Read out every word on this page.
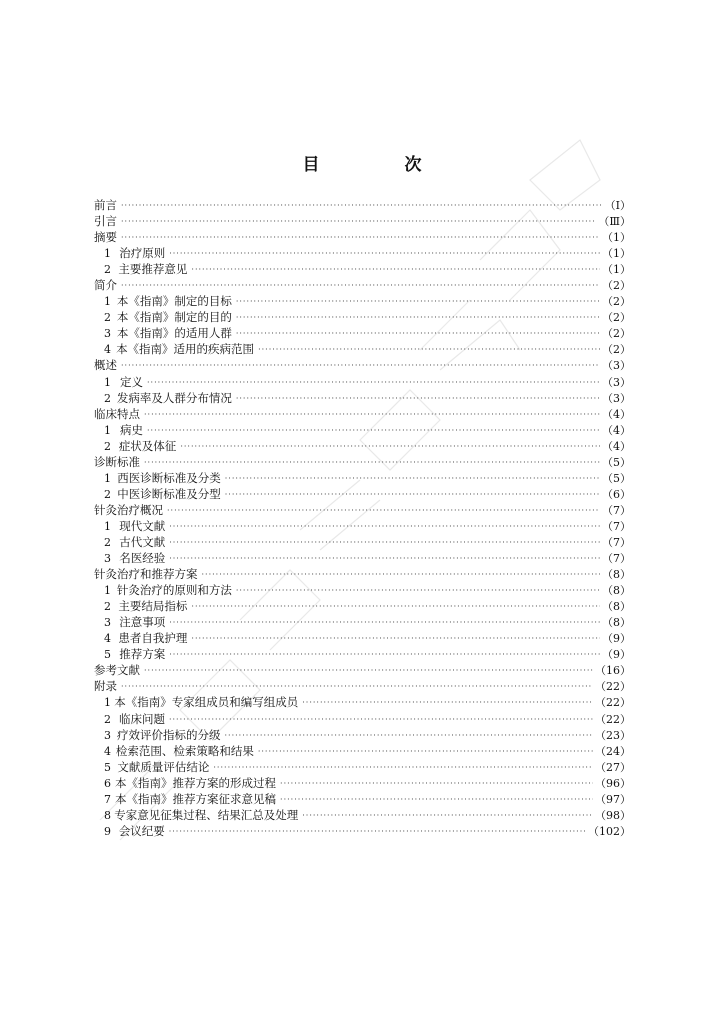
目　次
前言 ·····	（Ⅰ）
引言 ·····	（Ⅲ）
摘要 ·····	（1）
1 治疗原则 ·····	（1）
2 主要推荐意见 ·····	（1）
简介 ·····	（2）
1 本《指南》制定的目标 ·····	（2）
2 本《指南》制定的目的 ·····	（2）
3 本《指南》的适用人群 ·····	（2）
4 本《指南》适用的疾病范围 ·····	（2）
概述 ·····	（3）
1 定义 ·····	（3）
2 发病率及人群分布情况 ·····	（3）
临床特点 ·····	（4）
1 病史 ·····	（4）
2 症状及体征 ·····	（4）
诊断标准 ·····	（5）
1 西医诊断标准及分类 ·····	（5）
2 中医诊断标准及分型 ·····	（6）
针灸治疗概况 ·····	（7）
1 现代文献 ·····	（7）
2 古代文献 ·····	（7）
3 名医经验 ·····	（7）
针灸治疗和推荐方案 ·····	（8）
1 针灸治疗的原则和方法 ·····	（8）
2 主要结局指标 ·····	（8）
3 注意事项 ·····	（8）
4 患者自我护理 ·····	（9）
5 推荐方案 ·····	（9）
参考文献 ·····	（16）
附录 ·····	（22）
1 本《指南》专家组成员和编写组成员 ·····	（22）
2 临床问题 ·····	（22）
3 疗效评价指标的分级 ·····	（23）
4 检索范围、检索策略和结果 ·····	（24）
5 文献质量评估结论 ·····	（27）
6 本《指南》推荐方案的形成过程 ·····	（96）
7 本《指南》推荐方案征求意见稿 ·····	（97）
8 专家意见征集过程、结果汇总及处理 ·····	（98）
9 会议纪要 ·····	（102）
